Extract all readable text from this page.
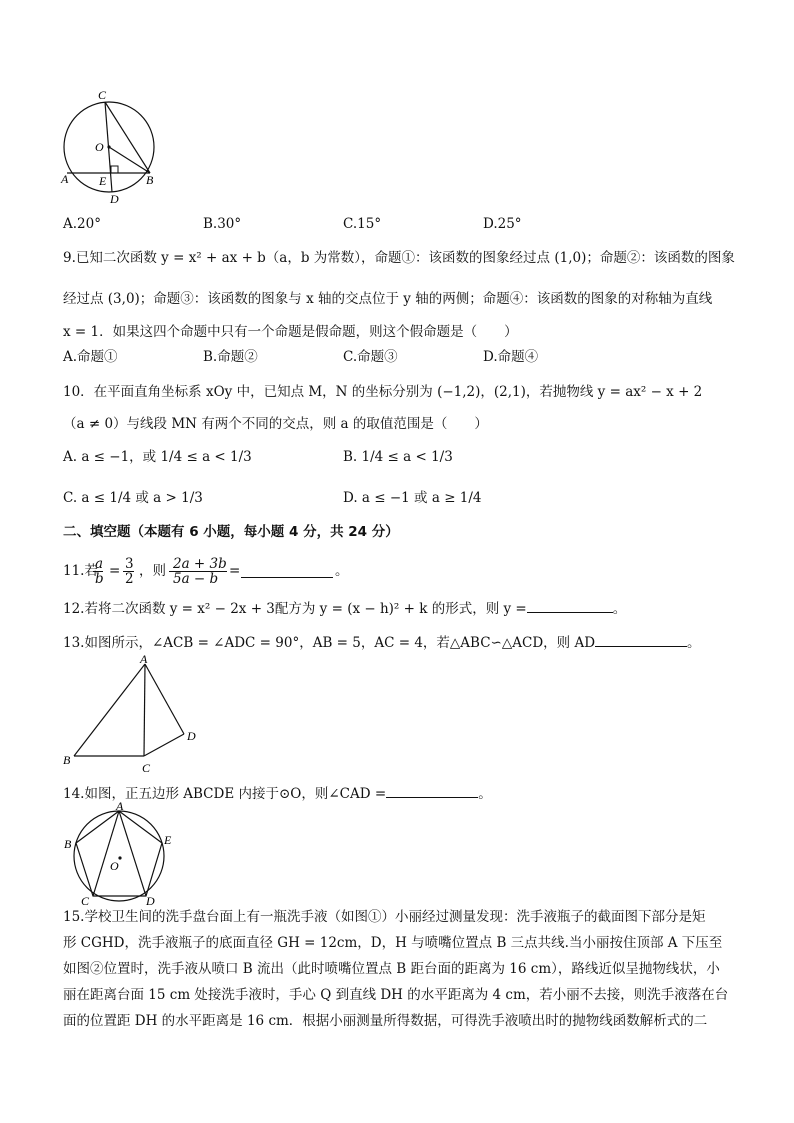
C
O
A	E	B
D
A.20°	B.30°	C.15°	D.25°
9.已知二次函数 y = x² + ax + b（a，b 为常数），命题①：该函数的图象经过点 (1,0)；命题②：该函数的图象
经过点 (3,0)；命题③：该函数的图象与 x 轴的交点位于 y 轴的两侧；命题④：该函数的图象的对称轴为直线
x = 1．如果这四个命题中只有一个命题是假命题，则这个假命题是（　　）
A.命题①	B.命题②	C.命题③	D.命题④
10．在平面直角坐标系 xOy 中，已知点 M，N 的坐标分别为 (−1,2)，(2,1)，若抛物线 y = ax² − x + 2
（a ≠ 0）与线段 MN 有两个不同的交点，则 a 的取值范围是（　　）
A. a ≤ −1，或 1/4 ≤ a < 1/3	B. 1/4 ≤ a < 1/3
C. a ≤ 1/4 或 a > 1/3	D. a ≤ −1 或 a ≥ 1/4
二、填空题（本题有 6 小题，每小题 4 分，共 24 分）
11.若
a
b = 3
2 ，则 2a + 3b
5a − b =	。
12.若将二次函数 y = x² − 2x + 3配方为 y = (x − h)² + k 的形式，则 y =	。
13.如图所示，∠ACB = ∠ADC = 90°，AB = 5，AC = 4，若△ABC∽△ACD，则 AD	。
A
B
C
D
14.如图，正五边形 ABCDE 内接于⊙O，则∠CAD =	。
A
B	E
O
C	D
15.学校卫生间的洗手盘台面上有一瓶洗手液（如图①）小丽经过测量发现：洗手液瓶子的截面图下部分是矩
形 CGHD，洗手液瓶子的底面直径 GH = 12cm，D，H 与喷嘴位置点 B 三点共线.当小丽按住顶部 A 下压至
如图②位置时，洗手液从喷口 B 流出（此时喷嘴位置点 B 距台面的距离为 16 cm），路线近似呈抛物线状，小
丽在距离台面 15 cm 处接洗手液时，手心 Q 到直线 DH 的水平距离为 4 cm，若小丽不去接，则洗手液落在台
面的位置距 DH 的水平距离是 16 cm．根据小丽测量所得数据，可得洗手液喷出时的抛物线函数解析式的二
